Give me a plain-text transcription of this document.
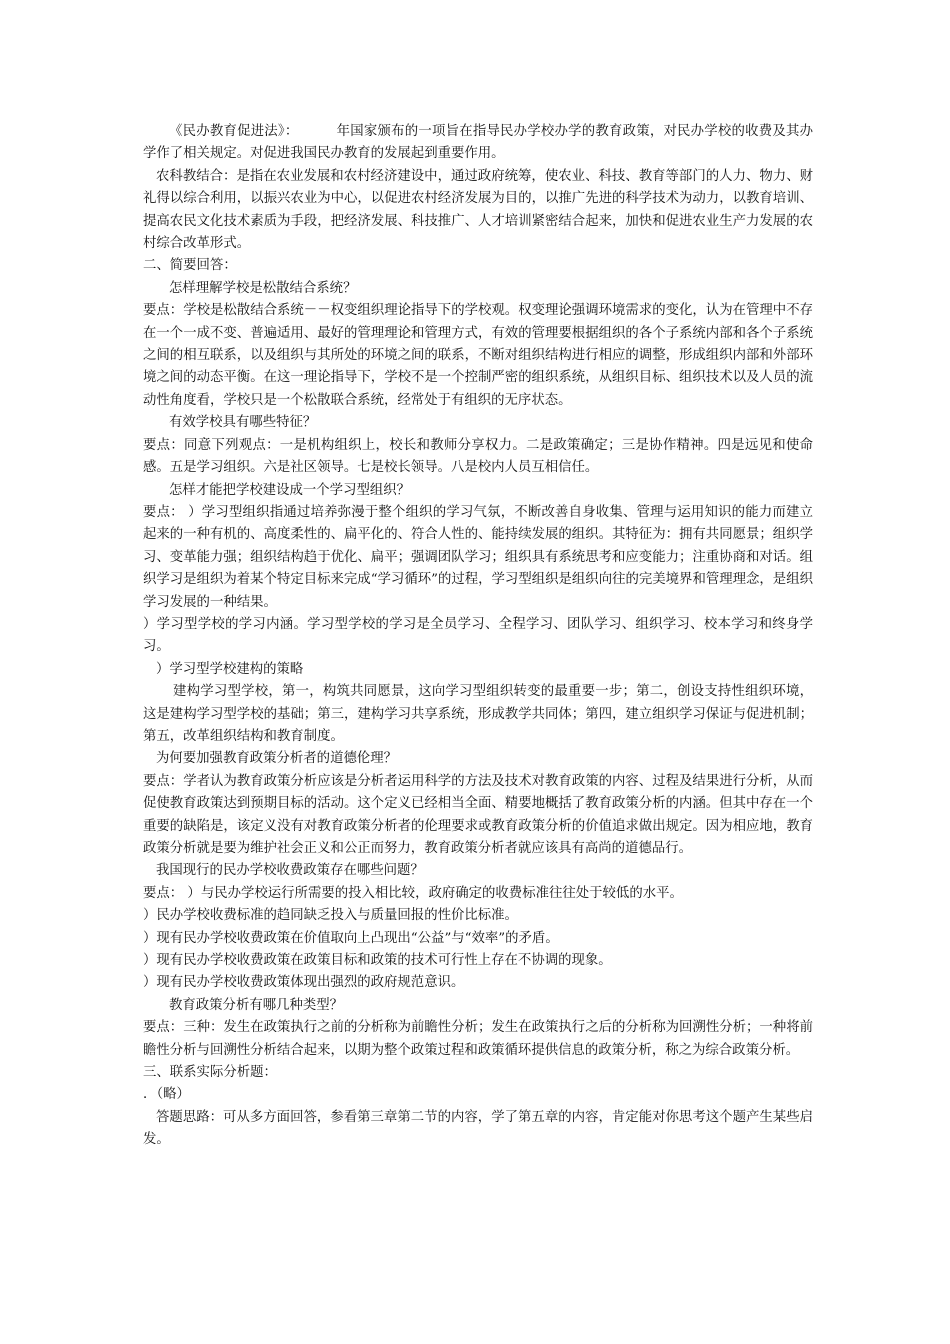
《民办教育促进法》：	年国家颁布的一项旨在指导民办学校办学的教育政策，对民办学校的收费及其办学作了相关规定。对促进我国民办教育的发展起到重要作用。

农科教结合：是指在农业发展和农村经济建设中，通过政府统筹，使农业、科技、教育等部门的人力、物力、财礼得以综合利用，以振兴农业为中心，以促进农村经济发展为目的，以推广先进的科学技术为动力，以教育培训、提高农民文化技术素质为手段，把经济发展、科技推广、人才培训紧密结合起来，加快和促进农业生产力发展的农村综合改革形式。

二、简要回答：

怎样理解学校是松散结合系统？

要点：学校是松散结合系统－－权变组织理论指导下的学校观。权变理论强调环境需求的变化，认为在管理中不存在一个一成不变、普遍适用、最好的管理理论和管理方式，有效的管理要根据组织的各个子系统内部和各个子系统之间的相互联系，以及组织与其所处的环境之间的联系，不断对组织结构进行相应的调整，形成组织内部和外部环境之间的动态平衡。在这一理论指导下，学校不是一个控制严密的组织系统，从组织目标、组织技术以及人员的流动性角度看，学校只是一个松散联合系统，经常处于有组织的无序状态。

有效学校具有哪些特征？

要点：同意下列观点：一是机构组织上，校长和教师分享权力。二是政策确定；三是协作精神。四是远见和使命感。五是学习组织。六是社区领导。七是校长领导。八是校内人员互相信任。

怎样才能把学校建设成一个学习型组织？

要点： ）学习型组织指通过培养弥漫于整个组织的学习气氛，不断改善自身收集、管理与运用知识的能力而建立起来的一种有机的、高度柔性的、扁平化的、符合人性的、能持续发展的组织。其特征为：拥有共同愿景；组织学习、变革能力强；组织结构趋于优化、扁平；强调团队学习；组织具有系统思考和应变能力；注重协商和对话。组织学习是组织为着某个特定目标来完成“学习循环”的过程，学习型组织是组织向往的完美境界和管理理念，是组织学习发展的一种结果。

）学习型学校的学习内涵。学习型学校的学习是全员学习、全程学习、团队学习、组织学习、校本学习和终身学习。

）学习型学校建构的策略

建构学习型学校，第一，构筑共同愿景，这向学习型组织转变的最重要一步；第二，创设支持性组织环境，这是建构学习型学校的基础；第三，建构学习共享系统，形成教学共同体；第四，建立组织学习保证与促进机制；第五，改革组织结构和教育制度。

为何要加强教育政策分析者的道德伦理？

要点：学者认为教育政策分析应该是分析者运用科学的方法及技术对教育政策的内容、过程及结果进行分析，从而促使教育政策达到预期目标的活动。这个定义已经相当全面、精要地概括了教育政策分析的内涵。但其中存在一个重要的缺陷是，该定义没有对教育政策分析者的伦理要求或教育政策分析的价值追求做出规定。因为相应地，教育政策分析就是要为维护社会正义和公正而努力，教育政策分析者就应该具有高尚的道德品行。

我国现行的民办学校收费政策存在哪些问题？

要点： ）与民办学校运行所需要的投入相比较，政府确定的收费标准往往处于较低的水平。

）民办学校收费标准的趋同缺乏投入与质量回报的性价比标准。

）现有民办学校收费政策在价值取向上凸现出“公益”与“效率”的矛盾。

）现有民办学校收费政策在政策目标和政策的技术可行性上存在不协调的现象。

）现有民办学校收费政策体现出强烈的政府规范意识。

教育政策分析有哪几种类型？

要点：三种：发生在政策执行之前的分析称为前瞻性分析；发生在政策执行之后的分析称为回溯性分析；一种将前瞻性分析与回溯性分析结合起来，以期为整个政策过程和政策循环提供信息的政策分析，称之为综合政策分析。

三、联系实际分析题：

．（略）

答题思路：可从多方面回答，参看第三章第二节的内容，学了第五章的内容，肯定能对你思考这个题产生某些启发。
